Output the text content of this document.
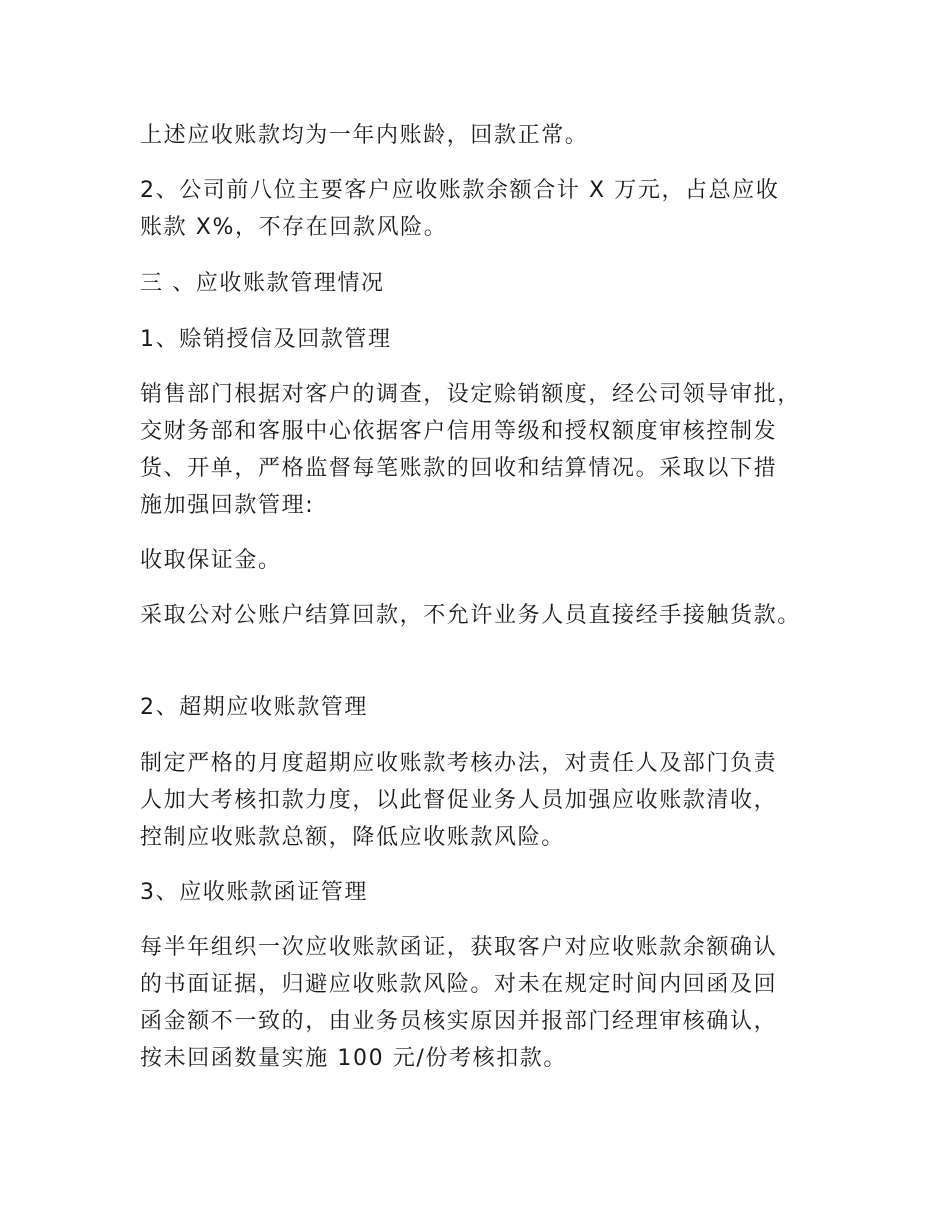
上述应收账款均为一年内账龄，回款正常。

2、公司前八位主要客户应收账款余额合计 X 万元，占总应收
账款 X%，不存在回款风险。

三 、应收账款管理情况

1、赊销授信及回款管理

销售部门根据对客户的调查，设定赊销额度，经公司领导审批，
交财务部和客服中心依据客户信用等级和授权额度审核控制发
货、开单，严格监督每笔账款的回收和结算情况。采取以下措
施加强回款管理:

收取保证金。

采取公对公账户结算回款，不允许业务人员直接经手接触货款。

2、超期应收账款管理

制定严格的月度超期应收账款考核办法，对责任人及部门负责
人加大考核扣款力度，以此督促业务人员加强应收账款清收，
控制应收账款总额，降低应收账款风险。

3、应收账款函证管理

每半年组织一次应收账款函证，获取客户对应收账款余额确认
的书面证据，归避应收账款风险。对未在规定时间内回函及回
函金额不一致的，由业务员核实原因并报部门经理审核确认，
按未回函数量实施 100 元/份考核扣款。
